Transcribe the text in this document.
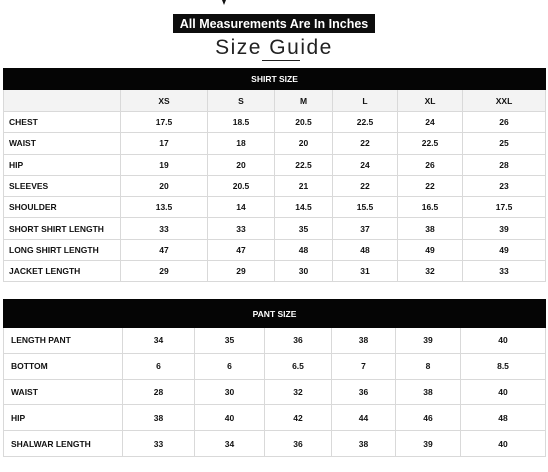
All Measurements Are In Inches
Size Guide
SHIRT SIZE						
	XS	S	M	L	XL	XXL
CHEST	17.5	18.5	20.5	22.5	24	26
WAIST	17	18	20	22	22.5	25
HIP	19	20	22.5	24	26	28
SLEEVES	20	20.5	21	22	22	23
SHOULDER	13.5	14	14.5	15.5	16.5	17.5
SHORT SHIRT LENGTH	33	33	35	37	38	39
LONG SHIRT LENGTH	47	47	48	48	49	49
JACKET LENGTH	29	29	30	31	32	33
PANT SIZE						
LENGTH PANT	34	35	36	38	39	40
BOTTOM	6	6	6.5	7	8	8.5
WAIST	28	30	32	36	38	40
HIP	38	40	42	44	46	48
SHALWAR LENGTH	33	34	36	38	39	40
